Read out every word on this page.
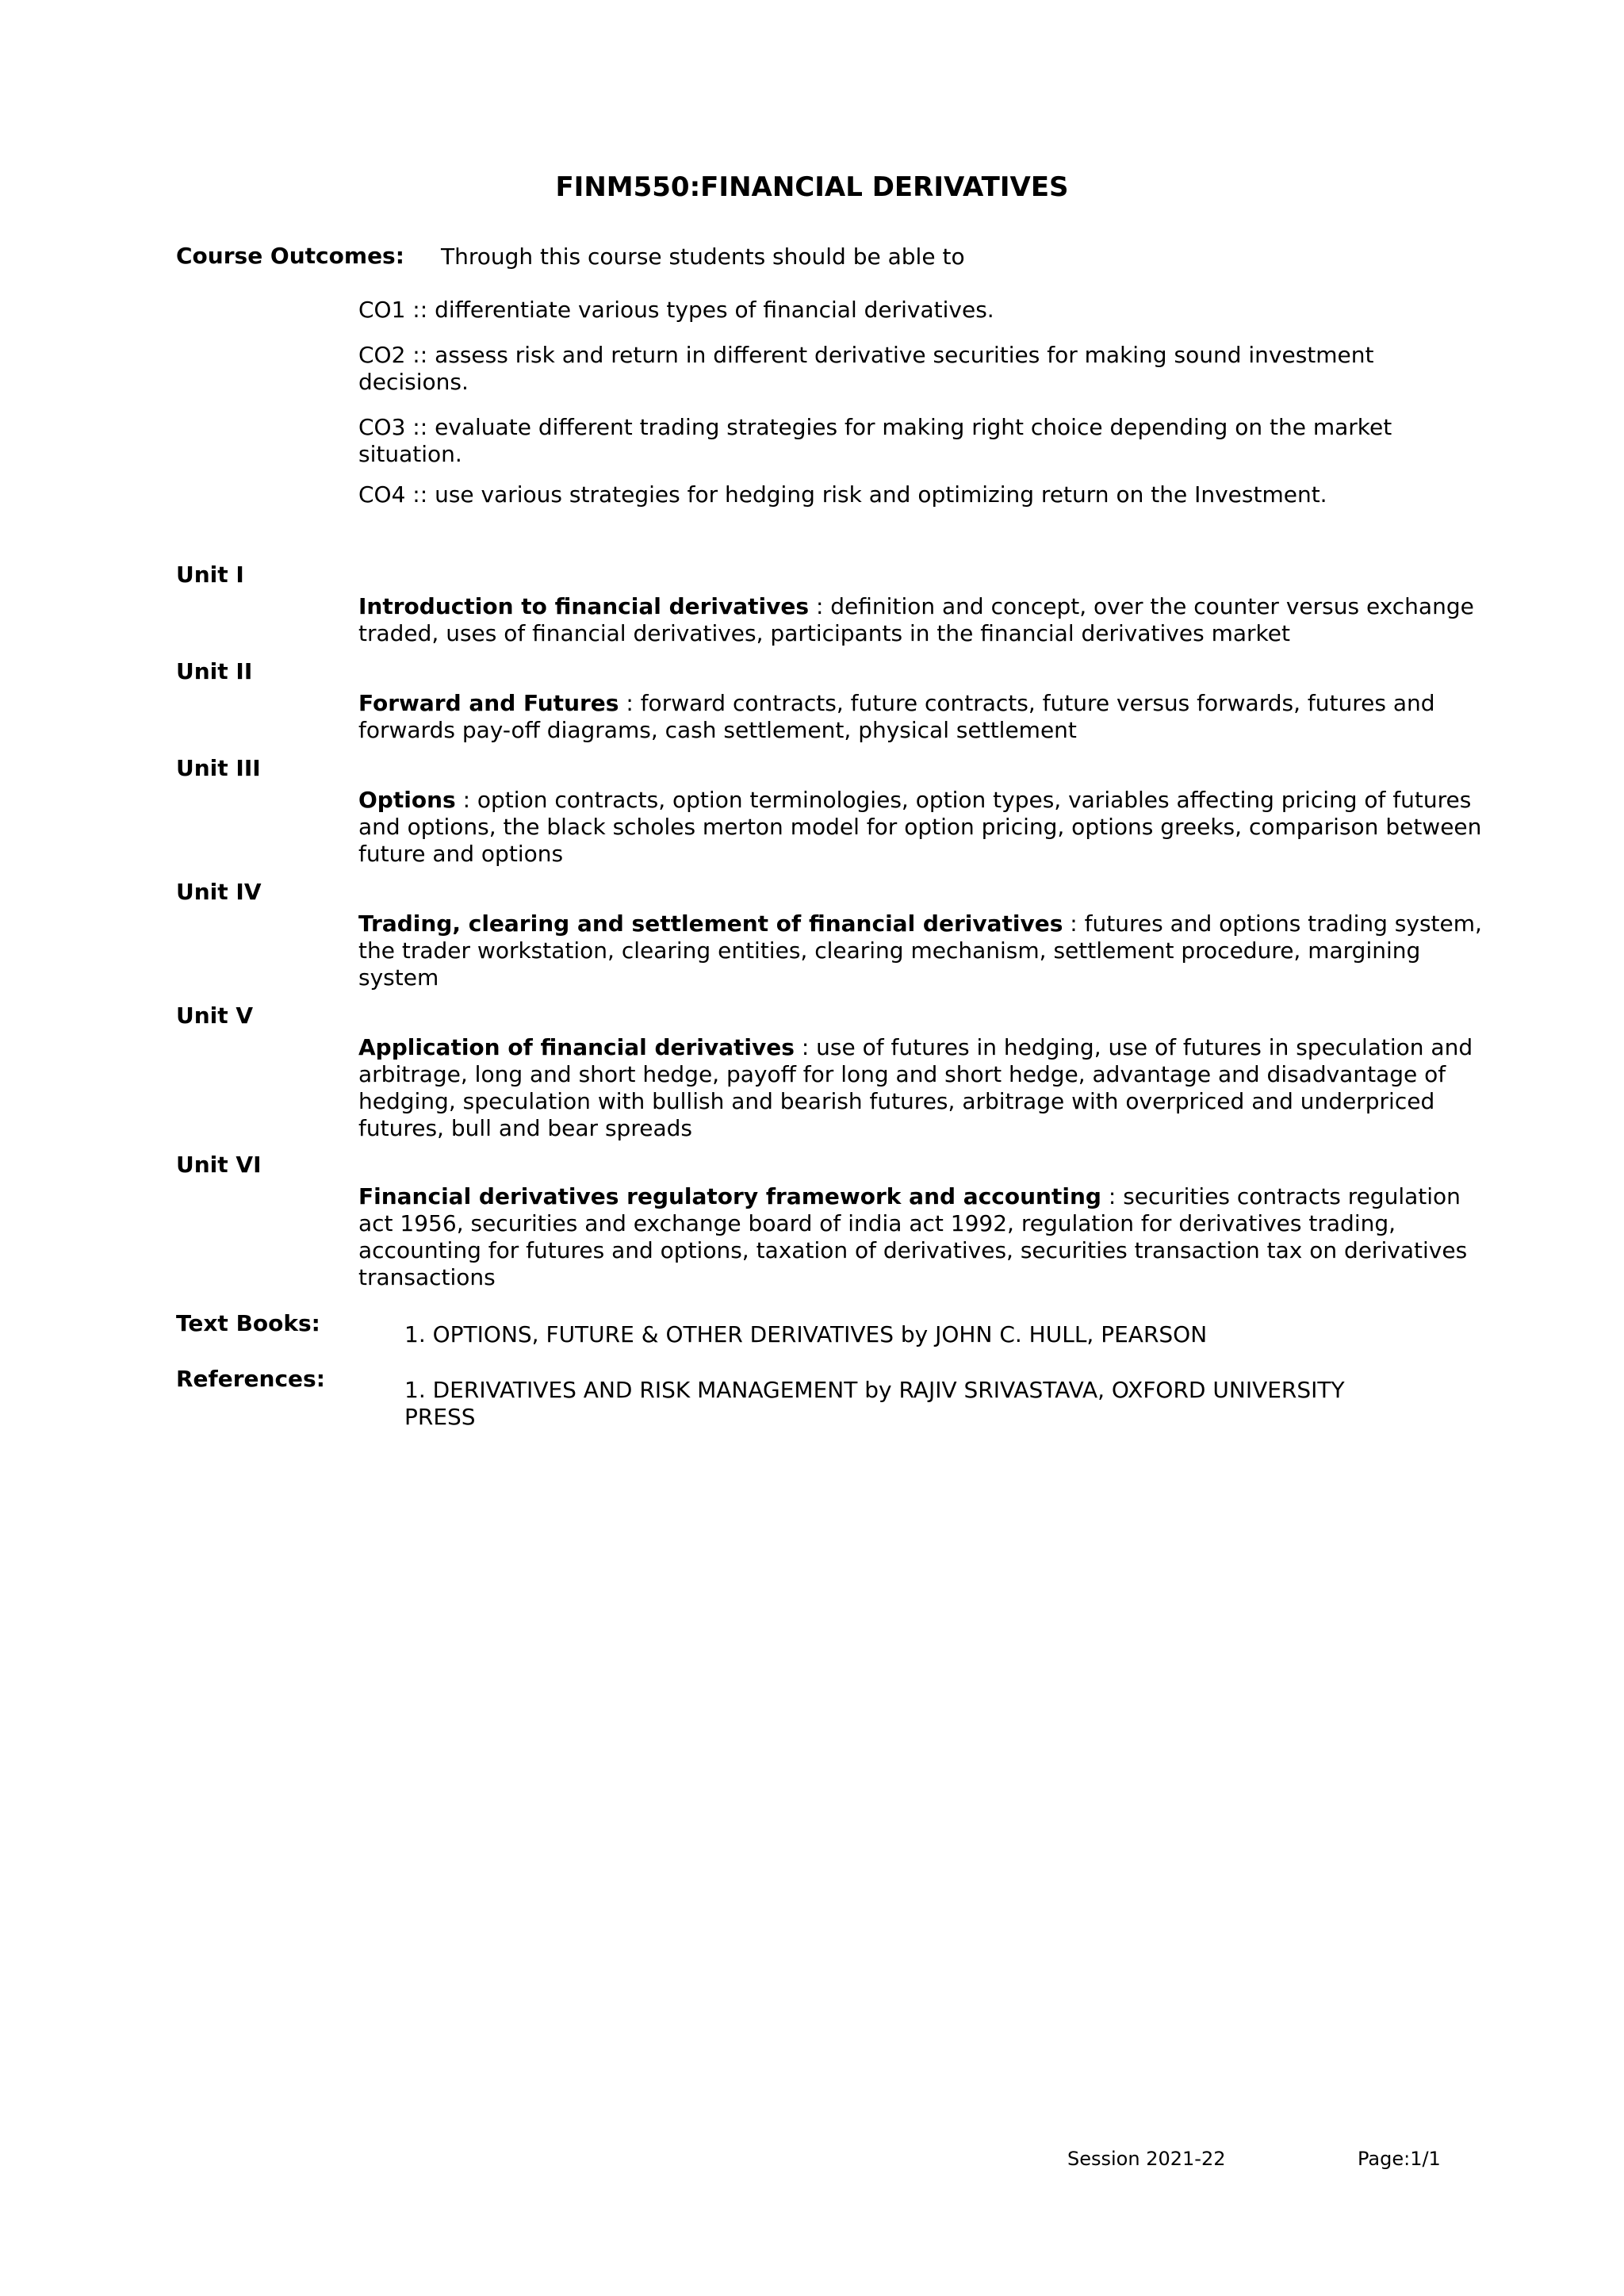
FINM550:FINANCIAL DERIVATIVES
Course Outcomes: Through this course students should be able to
CO1 :: differentiate various types of financial derivatives.
CO2 :: assess risk and return in different derivative securities for making sound investment decisions.
CO3 :: evaluate different trading strategies for making right choice depending on the market situation.
CO4 :: use various strategies for hedging risk and optimizing return on the Investment.
Unit I
Introduction to financial derivatives : definition and concept, over the counter versus exchange traded, uses of financial derivatives, participants in the financial derivatives market
Unit II
Forward and Futures : forward contracts, future contracts, future versus forwards, futures and forwards pay-off diagrams, cash settlement, physical settlement
Unit III
Options : option contracts, option terminologies, option types, variables affecting pricing of futures and options, the black scholes merton model for option pricing, options greeks, comparison between future and options
Unit IV
Trading, clearing and settlement of financial derivatives : futures and options trading system, the trader workstation, clearing entities, clearing mechanism, settlement procedure, margining system
Unit V
Application of financial derivatives : use of futures in hedging, use of futures in speculation and arbitrage, long and short hedge, payoff for long and short hedge, advantage and disadvantage of hedging, speculation with bullish and bearish futures, arbitrage with overpriced and underpriced futures, bull and bear spreads
Unit VI
Financial derivatives regulatory framework and accounting : securities contracts regulation act 1956, securities and exchange board of india act 1992, regulation for derivatives trading, accounting for futures and options, taxation of derivatives, securities transaction tax on derivatives transactions
Text Books:	1. OPTIONS, FUTURE & OTHER DERIVATIVES by JOHN C. HULL, PEARSON
References:	1. DERIVATIVES AND RISK MANAGEMENT by RAJIV SRIVASTAVA, OXFORD UNIVERSITY PRESS
Session 2021-22	Page:1/1
